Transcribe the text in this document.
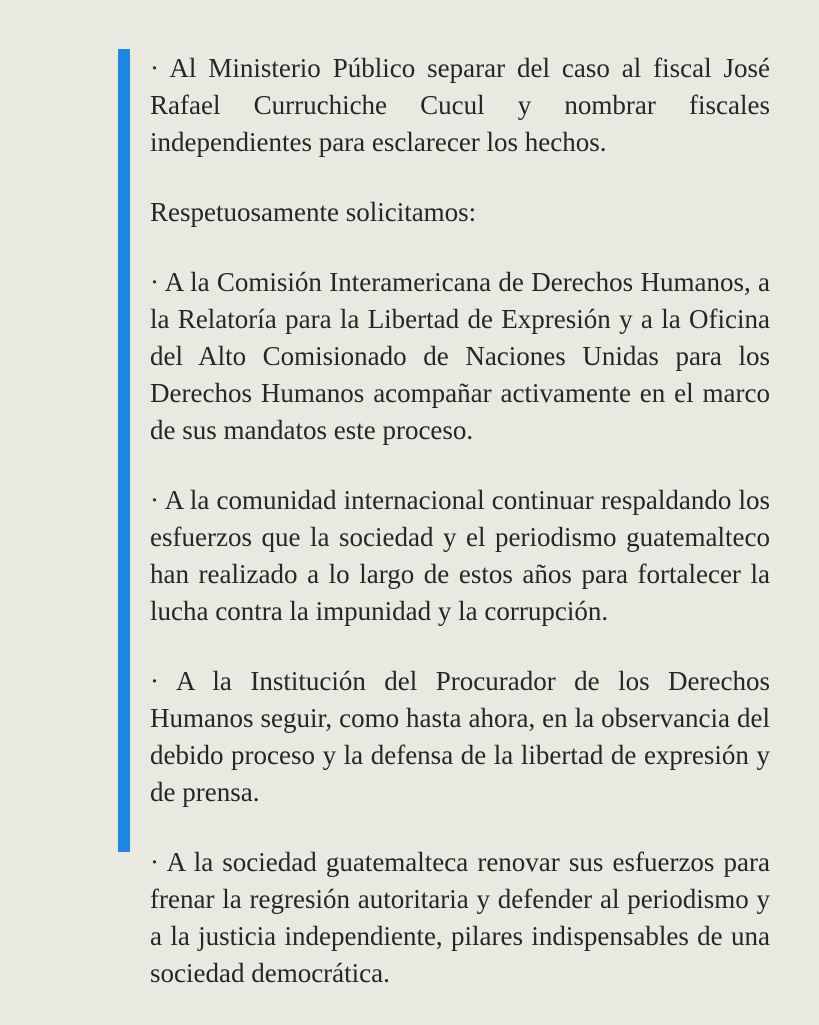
· Al Ministerio Público separar del caso al fiscal José Rafael Curruchiche Cucul y nombrar fiscales independientes para esclarecer los hechos.

Respetuosamente solicitamos:

· A la Comisión Interamericana de Derechos Humanos, a la Relatoría para la Libertad de Expresión y a la Oficina del Alto Comisionado de Naciones Unidas para los Derechos Humanos acompañar activamente en el marco de sus mandatos este proceso.

· A la comunidad internacional continuar respaldando los esfuerzos que la sociedad y el periodismo guatemalteco han realizado a lo largo de estos años para fortalecer la lucha contra la impunidad y la corrupción.

· A la Institución del Procurador de los Derechos Humanos seguir, como hasta ahora, en la observancia del debido proceso y la defensa de la libertad de expresión y de prensa.

· A la sociedad guatemalteca renovar sus esfuerzos para frenar la regresión autoritaria y defender al periodismo y a la justicia independiente, pilares indispensables de una sociedad democrática.
